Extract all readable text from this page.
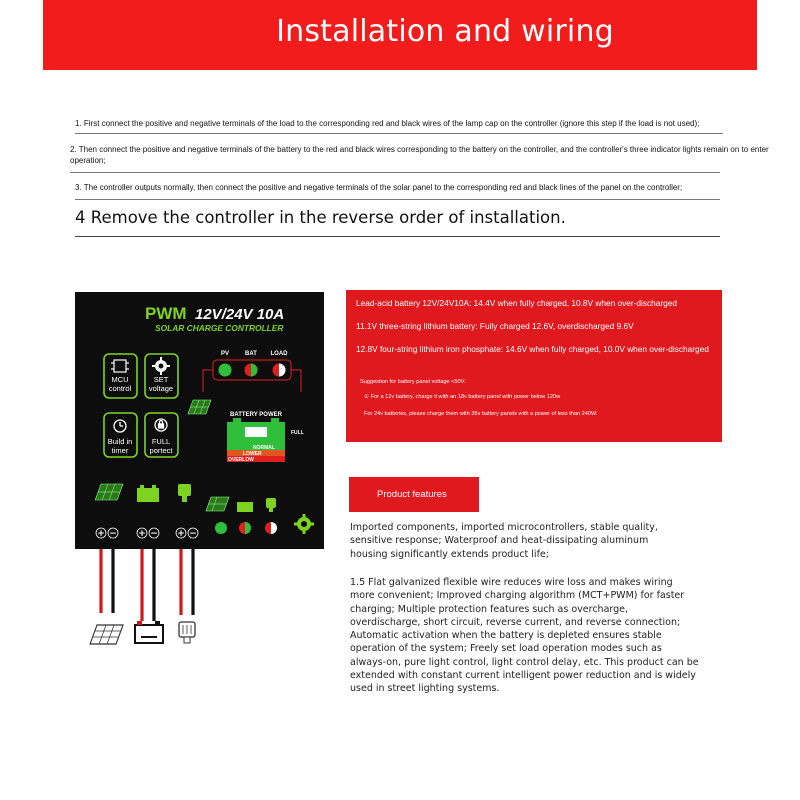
Installation and wiring
1. First connect the positive and negative terminals of the load to the corresponding red and black wires of the lamp cap on the controller (ignore this step if the load is not used);
2. Then connect the positive and negative terminals of the battery to the red and black wires corresponding to the battery on the controller, and the controller's three indicator lights remain on to enter operation;
3. The controller outputs normally, then connect the positive and negative terminals of the solar panel to the corresponding red and black lines of the panel on the controller;
4 Remove the controller in the reverse order of installation.
PWM 12V/24V 10A
SOLAR CHARGE CONTROLLER
MCU
control
SET
voltage
Build in
timer
FULL
portect
PV	BAT LOAD
BATTERY POWER
FULL
NORMAL
LOWER
OVERLOW
+ − + − + −
Lead-acid battery 12V/24V10A: 14.4V when fully charged, 10.8V when over-discharged
11.1V three-string lithium battery: Fully charged 12.6V, overdischarged 9.6V
12.8V four-string lithium iron phosphate: 14.6V when fully charged, 10.0V when over-discharged
Suggestion for battery panel voltage <50V:
① For a 12v battery, charge it with an 18v battery panel with power below 120w
For 24v batteries, please charge them with 36v battery panels with a power of less than 240W.
Product features
Imported components, imported microcontrollers, stable quality, sensitive response; Waterproof and heat-dissipating aluminum housing significantly extends product life;
1.5 Flat galvanized flexible wire reduces wire loss and makes wiring more convenient; Improved charging algorithm (MCT+PWM) for faster charging; Multiple protection features such as overcharge, overdischarge, short circuit, reverse current, and reverse connection; Automatic activation when the battery is depleted ensures stable operation of the system; Freely set load operation modes such as always-on, pure light control, light control delay, etc. This product can be extended with constant current intelligent power reduction and is widely used in street lighting systems.
